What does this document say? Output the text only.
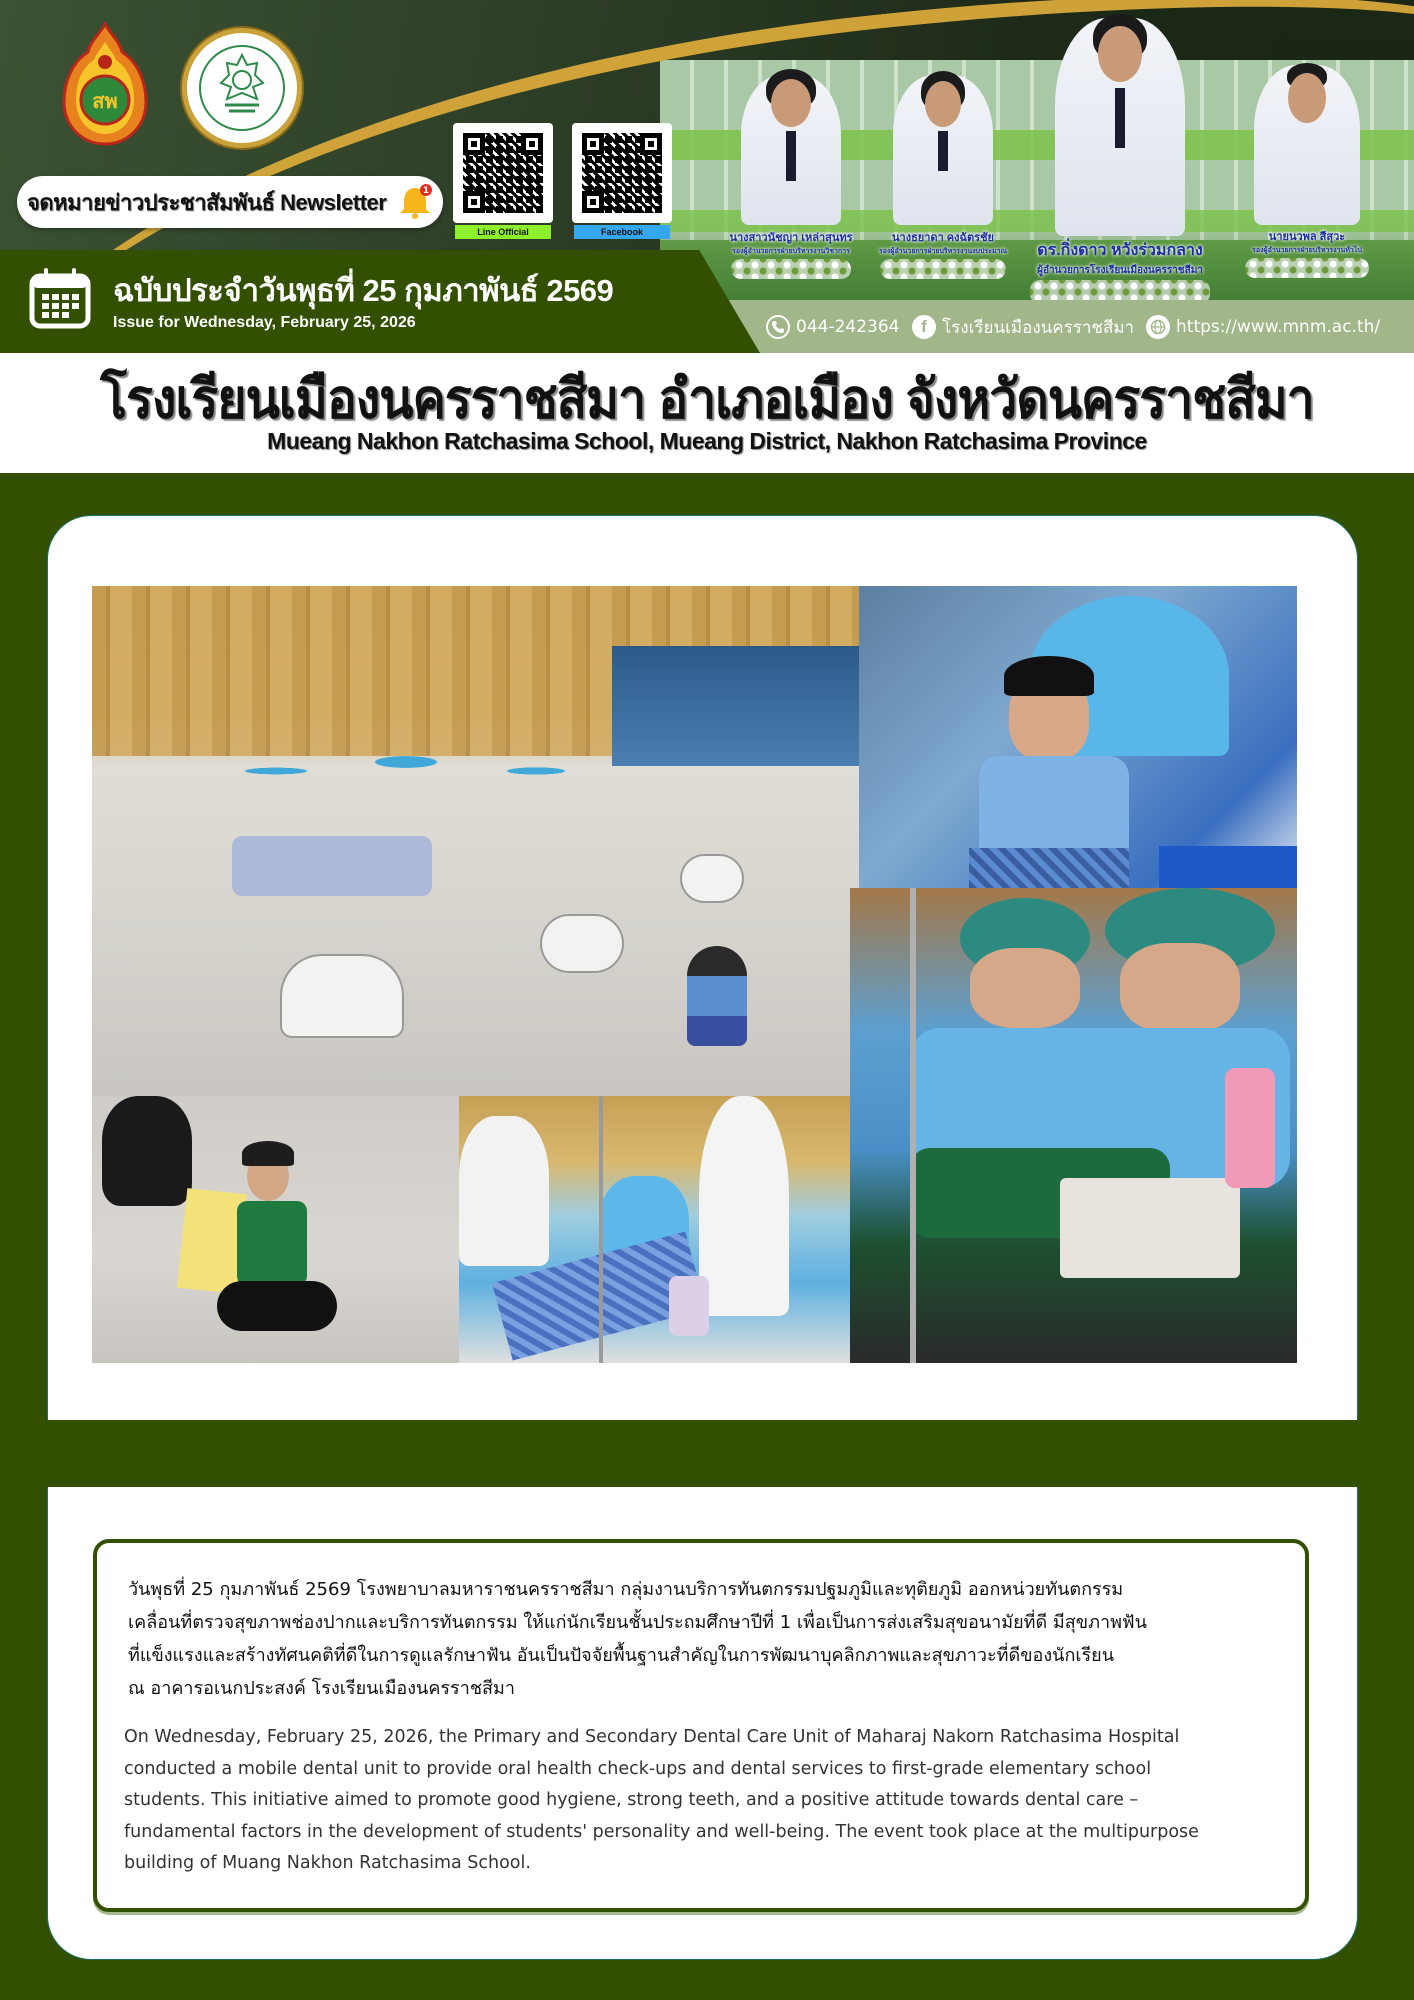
สพ
จดหมายข่าวประชาสัมพันธ์ Newsletter	1
Line Official	Facebook	นางสาวนัชญา เหล่าสุนทร
รองผู้อำนวยการฝ่ายบริหารงานวิชาการ
นางธยาดา คงฉัตรชัย
รองผู้อำนวยการฝ่ายบริหารงานงบประมาณ	ดร.กิ่งดาว หวังร่วมกลาง
ผู้อำนวยการโรงเรียนเมืองนครราชสีมา
นายนวพล สีสุวะ
รองผู้อำนวยการฝ่ายบริหารงานทั่วไป
ฉบับประจำวันพุธที่ 25 กุมภาพันธ์ 2569
Issue for Wednesday, February 25, 2026	044-242364 f โรงเรียนเมืองนครราชสีมา https://www.mnm.ac.th/
โรงเรียนเมืองนครราชสีมา อำเภอเมือง จังหวัดนครราชสีมา
Mueang Nakhon Ratchasima School, Mueang District, Nakhon Ratchasima Province
วันพุธที่ 25 กุมภาพันธ์ 2569 โรงพยาบาลมหาราชนครราชสีมา กลุ่มงานบริการทันตกรรมปฐมภูมิและทุติยภูมิ ออกหน่วยทันตกรรม
เคลื่อนที่ตรวจสุขภาพช่องปากและบริการทันตกรรม ให้แก่นักเรียนชั้นประถมศึกษาปีที่ 1 เพื่อเป็นการส่งเสริมสุขอนามัยที่ดี มีสุขภาพฟัน
ที่แข็งแรงและสร้างทัศนคติที่ดีในการดูแลรักษาฟัน อันเป็นปัจจัยพื้นฐานสำคัญในการพัฒนาบุคลิกภาพและสุขภาวะที่ดีของนักเรียน
ณ อาคารอเนกประสงค์ โรงเรียนเมืองนครราชสีมา
On Wednesday, February 25, 2026, the Primary and Secondary Dental Care Unit of Maharaj Nakorn Ratchasima Hospital
conducted a mobile dental unit to provide oral health check-ups and dental services to first-grade elementary school
students. This initiative aimed to promote good hygiene, strong teeth, and a positive attitude towards dental care –
fundamental factors in the development of students' personality and well-being. The event took place at the multipurpose
building of Muang Nakhon Ratchasima School.
